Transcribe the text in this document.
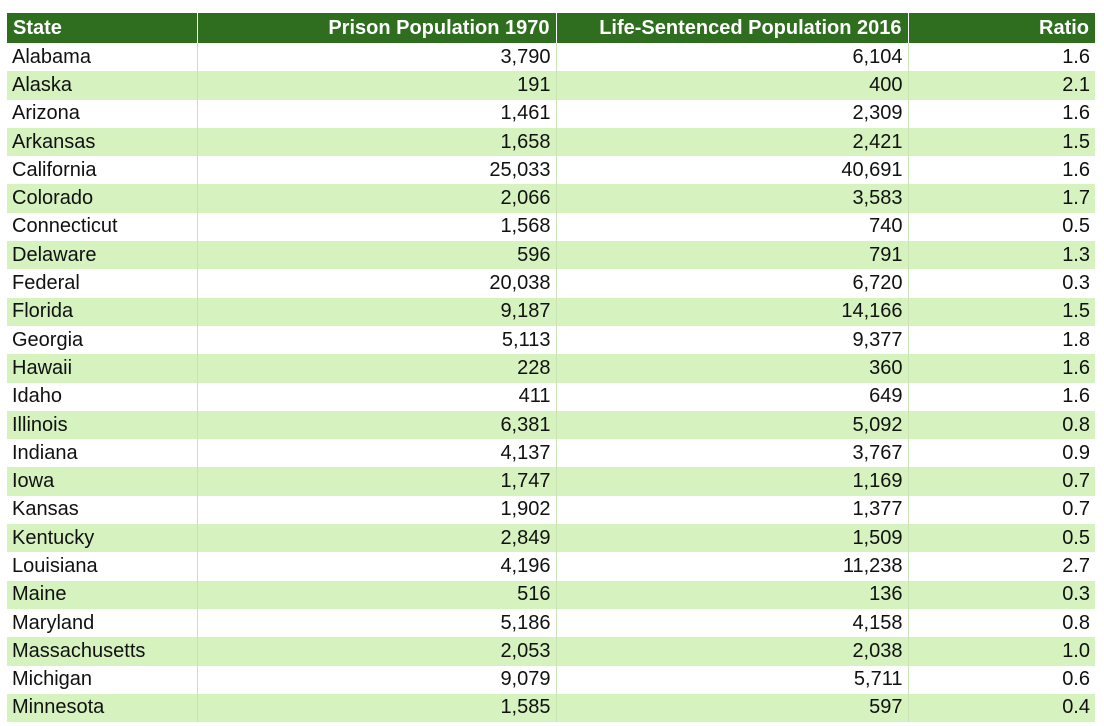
State	Prison Population 1970	Life-Sentenced Population 2016	Ratio
Alabama	3,790	6,104	1.6
Alaska	191	400	2.1
Arizona	1,461	2,309	1.6
Arkansas	1,658	2,421	1.5
California	25,033	40,691	1.6
Colorado	2,066	3,583	1.7
Connecticut	1,568	740	0.5
Delaware	596	791	1.3
Federal	20,038	6,720	0.3
Florida	9,187	14,166	1.5
Georgia	5,113	9,377	1.8
Hawaii	228	360	1.6
Idaho	411	649	1.6
Illinois	6,381	5,092	0.8
Indiana	4,137	3,767	0.9
Iowa	1,747	1,169	0.7
Kansas	1,902	1,377	0.7
Kentucky	2,849	1,509	0.5
Louisiana	4,196	11,238	2.7
Maine	516	136	0.3
Maryland	5,186	4,158	0.8
Massachusetts	2,053	2,038	1.0
Michigan	9,079	5,711	0.6
Minnesota	1,585	597	0.4
